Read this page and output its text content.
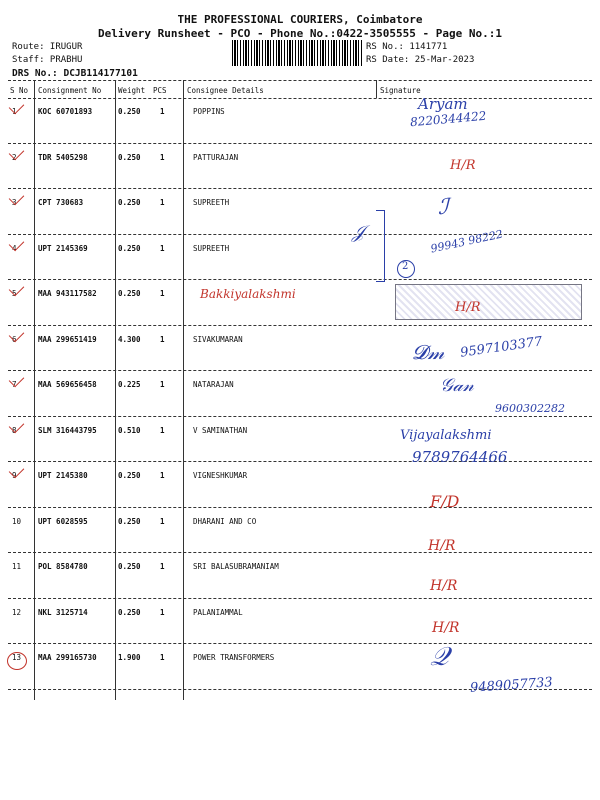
THE PROFESSIONAL COURIERS, Coimbatore
Delivery Runsheet - PCO - Phone No.:0422-3505555 - Page No.:1
Route: IRUGUR
Staff: PRABHU
DRS No.: DCJB114177101
RS No.: 1141771
RS Date: 25-Mar-2023
S No Consignment No Weight PCS	Consignee Details	Signature
1	KOC 60701893	0.250	1	POPPINS
2	TDR 5405298	0.250	1	PATTURAJAN
3	CPT 730683	0.250	1	SUPREETH
4	UPT 2145369	0.250	1	SUPREETH
5	MAA 943117582	0.250	1
6	MAA 299651419	4.300	1	SIVAKUMARAN
7	MAA 569656458	0.225	1	NATARAJAN
8	SLM 316443795	0.510	1	V SAMINATHAN
9	UPT 2145380	0.250	1	VIGNESHKUMAR
10 UPT 6028595	0.250	1	DHARANI AND CO
11 POL 8584780	0.250	1	SRI BALASUBRAMANIAM
12 NKL 3125714	0.250	1	PALANIAMMAL
13 MAA 299165730	1.900	1	POWER TRANSFORMERS
Aryam
8220344422
H/R
ℐ
𝒥
2
99943 98222
Bakkiyalakshmi
H/R
𝓓𝓂 9597103377
𝒢𝒶𝓃
9600302282
Vijayalakshmi
9789764466
F/D
H/R
H/R
H/R
𝒬
9489057733
